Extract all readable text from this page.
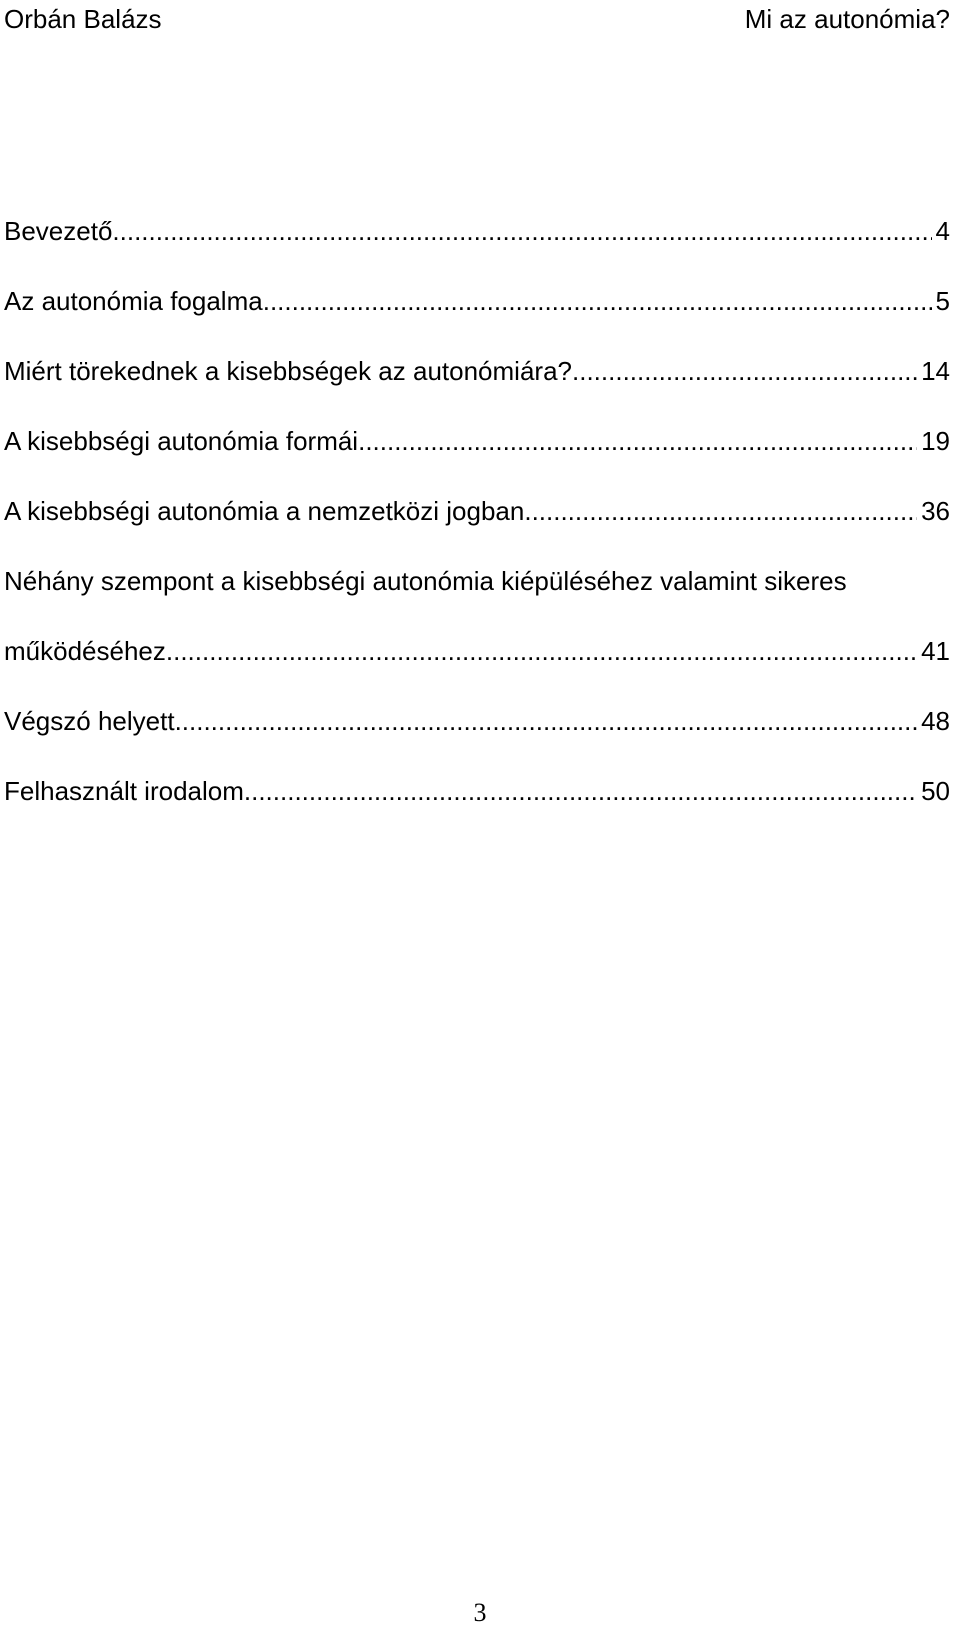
Orbán Balázs	Mi az autonómia?
Bevezető .....	4
Az autonómia fogalma .....	5
Miért törekednek a kisebbségek az autonómiára? .....	14
A kisebbségi autonómia formái .....	19
A kisebbségi autonómia a nemzetközi jogban .....	36
Néhány szempont a kisebbségi autonómia kiépüléséhez valamint sikeres
működéséhez .....	41
Végszó helyett .....	48
Felhasznált irodalom .....	50
3
